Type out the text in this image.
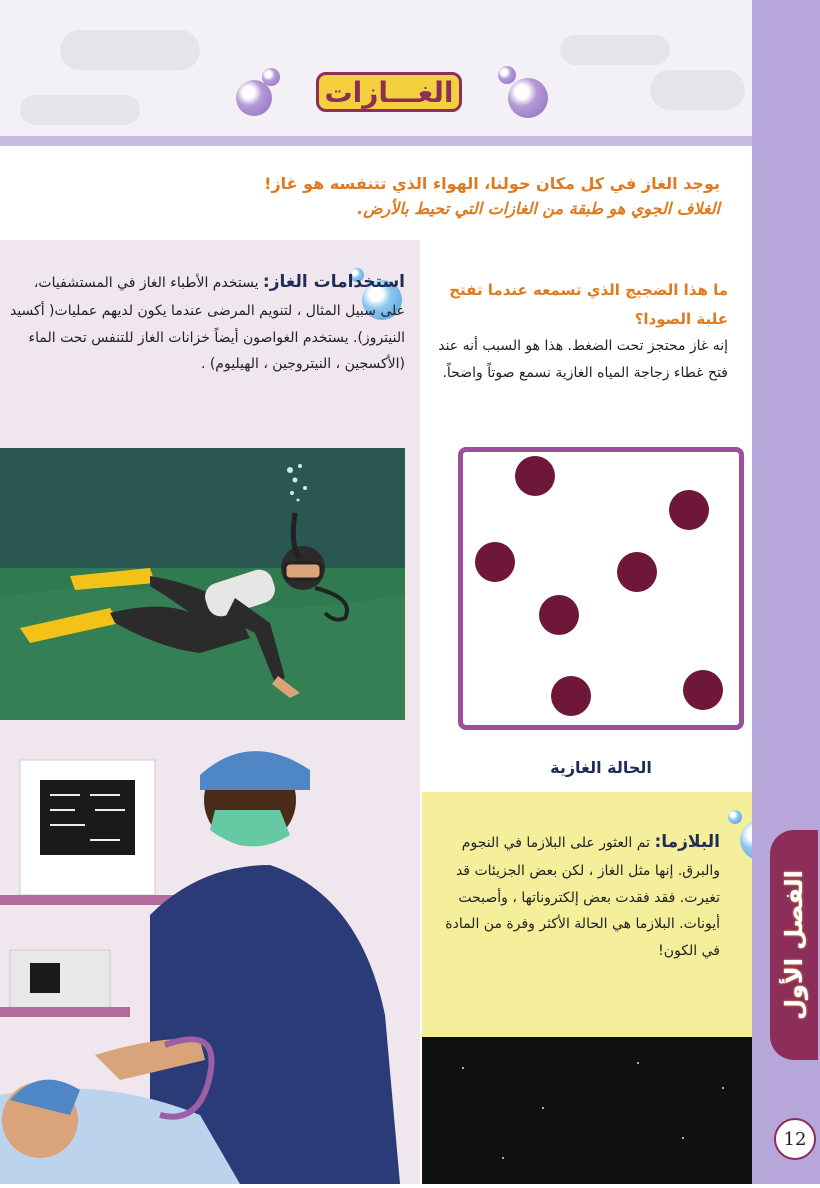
الغـــازات
يوجد الغاز في كل مكان حولنا، الهواء الذي تتنفسه هو غاز!
الغلاف الجوي هو طبقة من الغازات التي تحيط بالأرض.
استخدامات الغاز: يستخدم الأطباء الغاز في المستشفيات، على سبيل المثال ، لتنويم المرضى عندما يكون لديهم عمليات( أكسيد النيتروز). يستخدم الغواصون أيضاً خزانات الغاز للتنفس تحت الماء (الأكسجين ، النيتروجين ، الهيليوم) .
ما هذا الضجيج الذي تسمعه عندما تفتح علبة الصودا؟
إنه غاز محتجز تحت الضغط. هذا هو السبب أنه عند فتح غطاء زجاجة المياه الغازية نسمع صوتاً واضحاً.
الحالة الغازية
البلازما: تم العثور على البلازما في النجوم والبرق. إنها مثل الغاز ، لكن بعض الجزيئات قد تغيرت. فقد فقدت بعض إلكتروناتها ، وأصبحت أيونات. البلازما هي الحالة الأكثر وفرة من المادة في الكون!	الفصل الأول
12
